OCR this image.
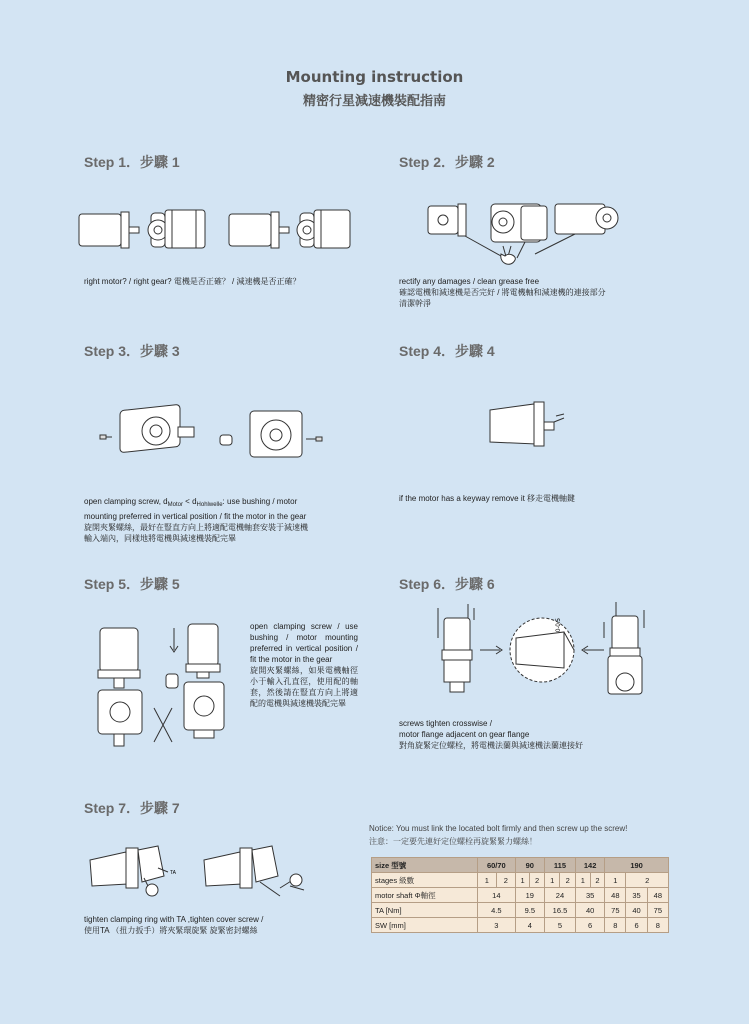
Mounting instruction
精密行星減速機裝配指南
Step 1．步驟 1
right motor? / right gear? 電機是否正確？ / 減速機是否正確？
Step 2．步驟 2
rectify any damages / clean grease free
確認電機和減速機是否完好 / 將電機軸和減速機的連接部分
清潔幹淨
Step 3．步驟 3
open clamping screw, $d_{Motor} < d_{Hohlwelle}$: use bushing / motor
mounting preferred in vertical position / fit the motor in the gear
旋開夾緊螺絲，最好在豎直方向上將適配電機軸套安裝于減速機
輸入端內，同樣地將電機與減速機裝配完畢
Step 4．步驟 4
if the motor has a keyway remove it 移走電機軸鍵
Step 5．步驟 5
open clamping screw / use bushing / motor mounting preferred in vertical position / fit the motor in the gear
旋開夾緊螺絲，如果電機軸徑小于輸入孔直徑，使用配的軸套，然後請在豎直方向上將適配的電機與減速機裝配完畢
Step 6．步驟 6
0-0.5
screws tighten crosswise /
motor flange adjacent on gear flange
對角旋緊定位螺栓，將電機法蘭與減速機法蘭連接好
Step 7．步驟 7
TA
tighten clamping ring with TA ,tighten cover screw /
使用TA （扭力扳手）將夾緊環旋緊 旋緊密封螺絲
Notice: You must link the located bolt firmly and then screw up the screw!
注意：一定要先連好定位螺栓再旋緊緊力螺絲！
size 型號	60/70		90		115		142		190		
stages 級數	1	2	1	2	1	2	1	2	1	2	
motor shaft Φ軸徑	14		19		24		35		48	35	48
TA [Nm]	4.5		9.5		16.5		40		75	40	75
SW [mm]	3		4		5		6		8	6	8
